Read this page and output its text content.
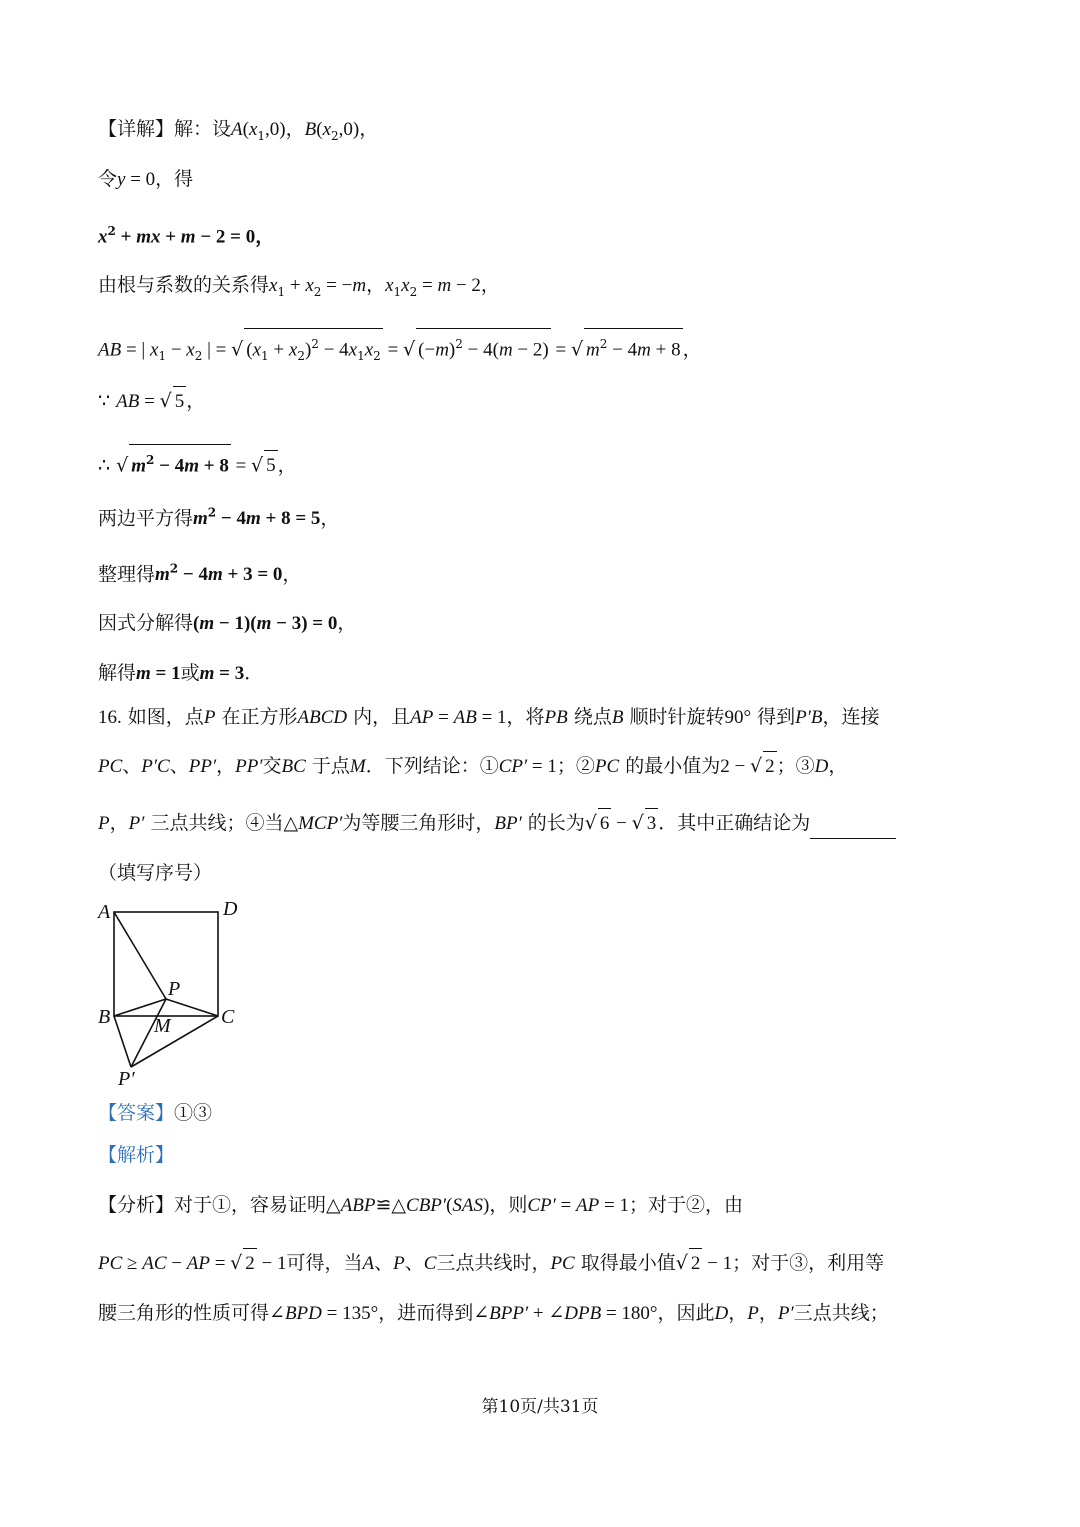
【详解】解：设$A(x_1,0)$，$B(x_2,0)$，
令y = 0，得
$x^2$ + mx + m − 2 = 0，
由根与系数的关系得$x_1 + x_2 = -m$，$x_1x_2 = m - 2$，
AB = | $x_1 - x_2$ | = √ $(x_1 + x_2)^2 - 4x_1x_2$ = √ $(-m)^2 - 4(m - 2)$ = √ $m^2 - 4m + 8$ ，
∵ AB = √ 5 ，
∴ √ $m^2 - 4m + 8$ = √ 5 ，
两边平方得$m^2 - 4m + 8 = 5$，
整理得$m^2 - 4m + 3 = 0$，
因式分解得(m − 1)(m − 3) = 0，
解得m = 1或m = 3．
16. 如图，点P 在正方形ABCD 内，且AP = AB = 1，将PB 绕点B 顺时针旋转90° 得到P′B，连接
PC、P′C、PP′，PP′交BC 于点M．下列结论：①CP′ = 1；②PC 的最小值为2 − √ 2 ；③D，
P，P′ 三点共线；④当△MCP′为等腰三角形时，BP′ 的长为√ 6 − √ 3 ．其中正确结论为
（填写序号）
A	D
P
B M	C
P′
【答案】①③
【解析】
【分析】对于①，容易证明△ABP≌△CBP′(SAS)，则CP′ = AP = 1；对于②，由
PC ≥ AC − AP = √ 2 − 1可得，当A、P、C三点共线时，PC 取得最小值√ 2 − 1；对于③，利用等
腰三角形的性质可得∠BPD = 135°，进而得到∠BPP′ + ∠DPB = 180°，因此D，P，P′三点共线；
第10页/共31页
